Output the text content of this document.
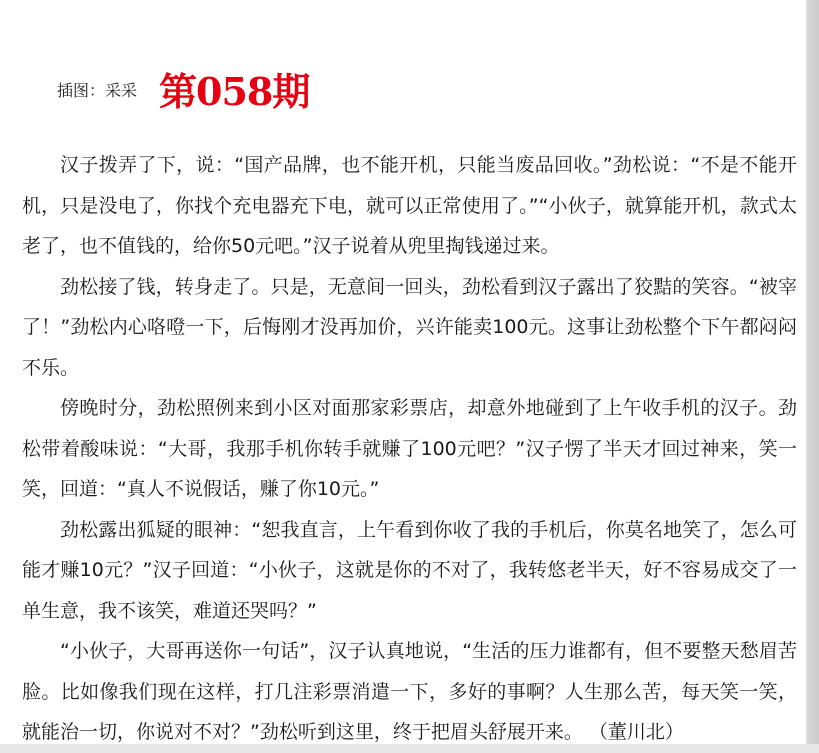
插图：采采 第058期

汉子拨弄了下，说：“国产品牌，也不能开机，只能当废品回收。”劲松说：“不是不能开机，只是没电了，你找个充电器充下电，就可以正常使用了。”“小伙子，就算能开机，款式太老了，也不值钱的，给你50元吧。”汉子说着从兜里掏钱递过来。

劲松接了钱，转身走了。只是，无意间一回头，劲松看到汉子露出了狡黠的笑容。“被宰了！”劲松内心咯噔一下，后悔刚才没再加价，兴许能卖100元。这事让劲松整个下午都闷闷不乐。

傍晚时分，劲松照例来到小区对面那家彩票店，却意外地碰到了上午收手机的汉子。劲松带着酸味说：“大哥，我那手机你转手就赚了100元吧？”汉子愣了半天才回过神来，笑一笑，回道：“真人不说假话，赚了你10元。”

劲松露出狐疑的眼神：“恕我直言，上午看到你收了我的手机后，你莫名地笑了，怎么可能才赚10元？”汉子回道：“小伙子，这就是你的不对了，我转悠老半天，好不容易成交了一单生意，我不该笑，难道还哭吗？”

“小伙子，大哥再送你一句话”，汉子认真地说，“生活的压力谁都有，但不要整天愁眉苦脸。比如像我们现在这样，打几注彩票消遣一下，多好的事啊？人生那么苦，每天笑一笑，就能治一切，你说对不对？”劲松听到这里，终于把眉头舒展开来。 （董川北）
